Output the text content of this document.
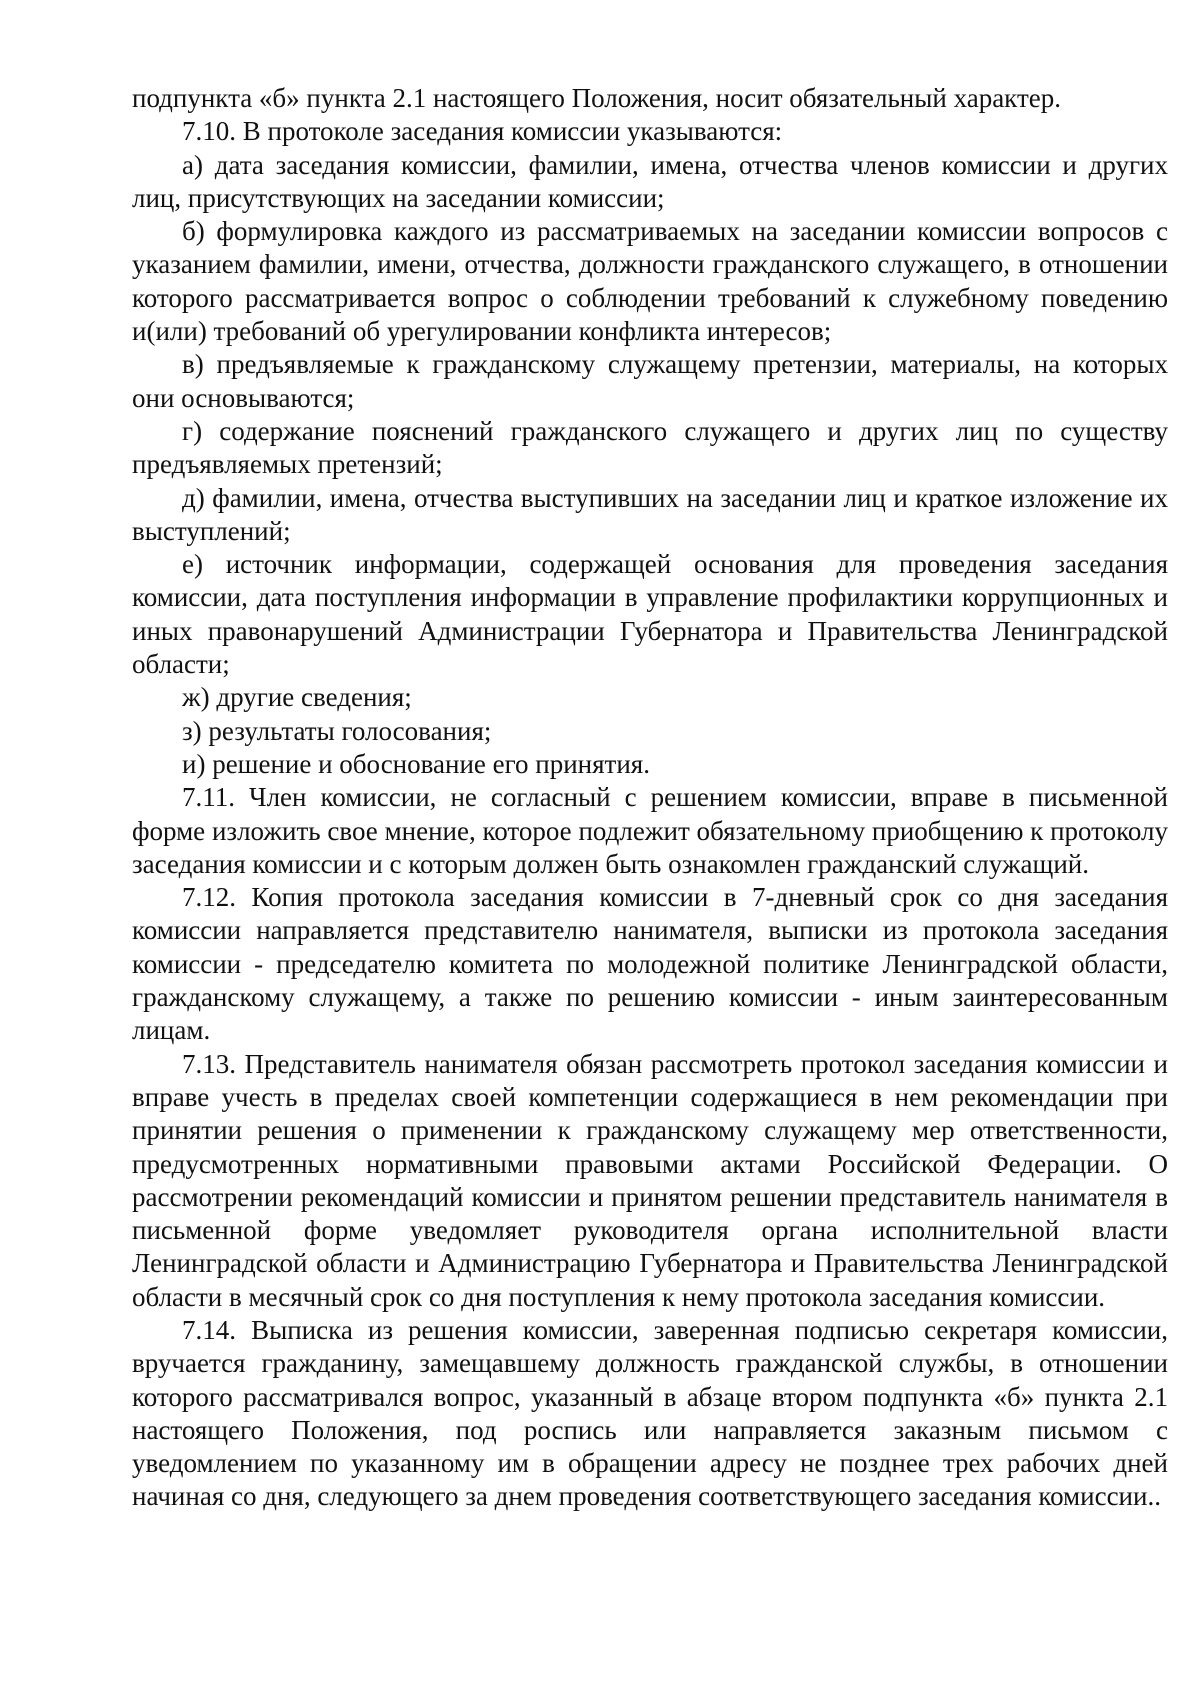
подпункта «б» пункта 2.1 настоящего Положения, носит обязательный характер.

7.10. В протоколе заседания комиссии указываются:

а) дата заседания комиссии, фамилии, имена, отчества членов комиссии и других лиц, присутствующих на заседании комиссии;

б) формулировка каждого из рассматриваемых на заседании комиссии вопросов с указанием фамилии, имени, отчества, должности гражданского служащего, в отношении которого рассматривается вопрос о соблюдении требований к служебному поведению и(или) требований об урегулировании конфликта интересов;

в) предъявляемые к гражданскому служащему претензии, материалы, на которых они основываются;

г) содержание пояснений гражданского служащего и других лиц по существу предъявляемых претензий;

д) фамилии, имена, отчества выступивших на заседании лиц и краткое изложение их выступлений;

е) источник информации, содержащей основания для проведения заседания комиссии, дата поступления информации в управление профилактики коррупционных и иных правонарушений Администрации Губернатора и Правительства Ленинградской области;

ж) другие сведения;

з) результаты голосования;

и) решение и обоснование его принятия.

7.11. Член комиссии, не согласный с решением комиссии, вправе в письменной форме изложить свое мнение, которое подлежит обязательному приобщению к протоколу заседания комиссии и с которым должен быть ознакомлен гражданский служащий.

7.12. Копия протокола заседания комиссии в 7-дневный срок со дня заседания комиссии направляется представителю нанимателя, выписки из протокола заседания комиссии - председателю комитета по молодежной политике Ленинградской области, гражданскому служащему, а также по решению комиссии - иным заинтересованным лицам.

7.13. Представитель нанимателя обязан рассмотреть протокол заседания комиссии и вправе учесть в пределах своей компетенции содержащиеся в нем рекомендации при принятии решения о применении к гражданскому служащему мер ответственности, предусмотренных нормативными правовыми актами Российской Федерации. О рассмотрении рекомендаций комиссии и принятом решении представитель нанимателя в письменной форме уведомляет руководителя органа исполнительной власти Ленинградской области и Администрацию Губернатора и Правительства Ленинградской области в месячный срок со дня поступления к нему протокола заседания комиссии.

7.14. Выписка из решения комиссии, заверенная подписью секретаря комиссии, вручается гражданину, замещавшему должность гражданской службы, в отношении которого рассматривался вопрос, указанный в абзаце втором подпункта «б» пункта 2.1 настоящего Положения, под роспись или направляется заказным письмом с уведомлением по указанному им в обращении адресу не позднее трех рабочих дней начиная со дня, следующего за днем проведения соответствующего заседания комиссии..
